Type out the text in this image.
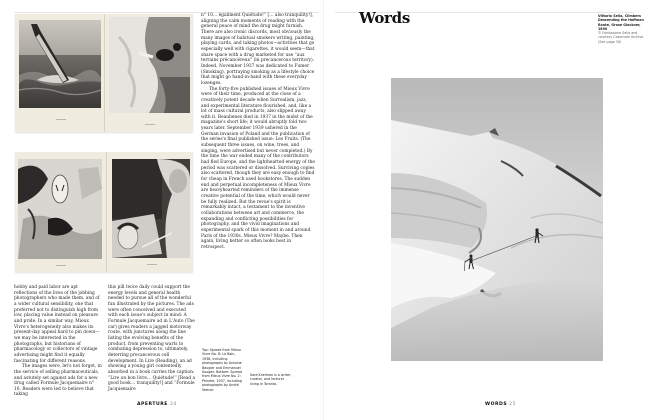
n° 10… égaliment Quiétude!” [… also tranquility!], aligning the calm moments of reading with the general peace of mind the drug might furnish. There are also ironic discords, most obviously the many images of habitual smokers writing, painting, playing cards, and taking photos—activities that go especially well with cigarettes, it would seem—that share space with a drug marketed for use “aux terrains précancéreux” (in precancerous territory). Indeed, November 1937 was dedicated to Fumer (Smoking), portraying smoking as a lifestyle choice that might go hand-in-hand with these everyday lozenges.

The forty-five published issues of Mieux Vivre were of their time, produced at the close of a creatively potent decade when Surrealism, jazz, and experimental literature flourished, and, like a lot of mass cultural products, also slipped away with it. Beaubenes died in 1937 in the midst of the magazine's short life; it would abruptly fold two years later. September 1939 ushered in the German invasion of Poland and the publication of the series's final published issue: Les Fruits. (The subsequent three issues, on wine, trees, and singing, were advertised but never completed.) By the time the war ended many of the contributors had fled Europe, and the lighthearted energy of the period was scattered or dissolved. Surviving copies also scattered, though they are easy enough to find for cheap in French used bookstores. The sudden end and perpetual incompleteness of Mieux Vivre are heavyhearted reminders of the immense creative potential of the time, which would never be fully realized. But the revue's spirit is remarkably intact, a testament to the inventive collaborations between art and commerce, the expanding and conflicting possibilities for photography, and the vivid imaginations and experimental spark of this moment in and around Paris of the 1930s. Mieux Vivre? Maybe. Then again, living better so often looks best in retrospect.

hobby and paid labor are apt reflections of the lives of the jobbing photographers who made them, and of a wider cultural sensibility, one that preferred not to distinguish high from low, placing value instead on pleasure and pride. In a similar way, Mieux Vivre's heterogeneity also makes its present-day appeal hard to pin down—we may be interested in the photographs, but historians of pharmacology or collectors of vintage advertising might find it equally fascinating for different reasons.

The images were, let's not forget, in the service of selling pharmaceuticals, and astutely set against ads for a new drug called Formule Jacquemaire n° 10. Readers were led to believe that taking

this pill twice daily could support the energy levels and general health needed to pursue all of the wonderful fun illustrated by the pictures. The ads were often conceived and executed with each issue's subject in mind: A Formule Jacquemaire ad in L'Auto (The car) gives readers a jagged motorway route, with junctures along the line listing the evolving benefits of the product, from preventing warts to combating depression to, ultimately, deterring precancerous cell development. In Lire (Reading), an ad showing a young girl contentedly absorbed in a book carries the caption: “Lire un bon livre… Quiétude!” [Read a good book… tranquility!] and “Formule Jacquemaire

Top: Spread from Mieux Vivre No. 8: La Bain, 1936, including photographs by Antoine Baugier and Emmanuel Sougez. Bottom: Spread from Mieux Vivre No. 2: Peindre, 1937, including photographs by André Steiner
Sara Knelman is a writer, curator, and lecturer living in Toronto.
APERTURE 24
Words	Vittorio Sella, Climbers Descending the Hoffman Route, Grose Glockner, 1890
© Fondazione Sella and courtesy Casemate Archive (See page 30)
WORDS 25
